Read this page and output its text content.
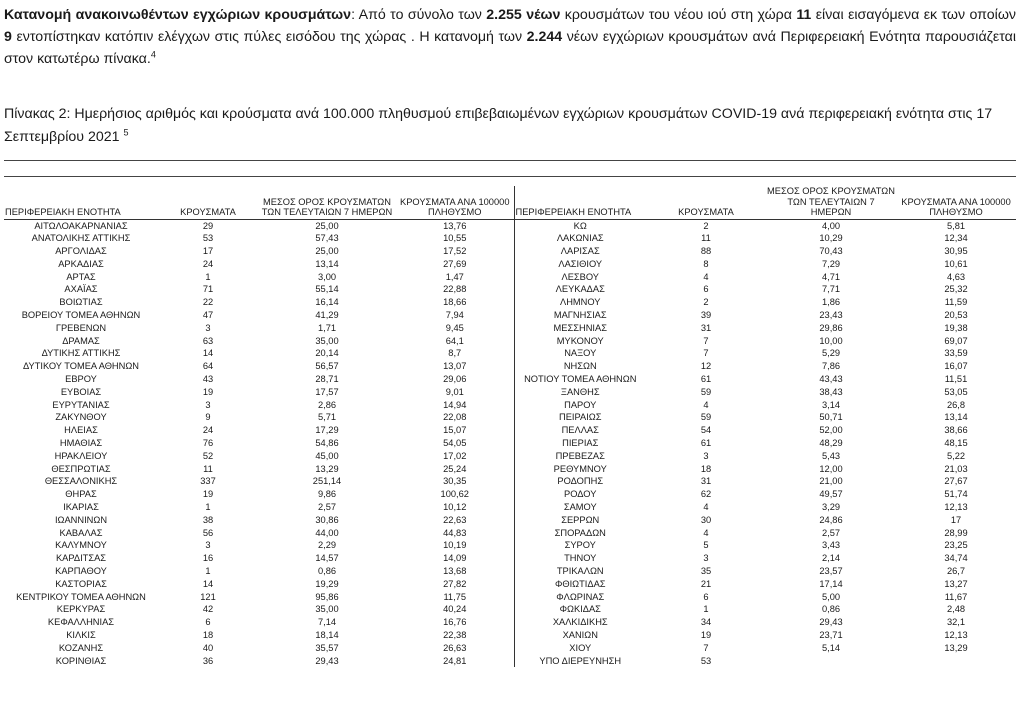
Κατανομή ανακοινωθέντων εγχώριων κρουσμάτων: Από το σύνολο των 2.255 νέων κρουσμάτων του νέου ιού στη χώρα 11 είναι εισαγόμενα εκ των οποίων 9 εντοπίστηκαν κατόπιν ελέγχων στις πύλες εισόδου της χώρας . Η κατανομή των 2.244 νέων εγχώριων κρουσμάτων ανά Περιφερειακή Ενότητα παρουσιάζεται στον κατωτέρω πίνακα.$^4$
Πίνακας 2: Ημερήσιος αριθμός και κρούσματα ανά 100.000 πληθυσμού επιβεβαιωμένων εγχώριων κρουσμάτων COVID-19 ανά περιφερειακή ενότητα στις 17 Σεπτεμβρίου 2021 $^5$
ΠΕΡΙΦΕΡΕΙΑΚΗ ΕΝΟΤΗΤΑ	ΚΡΟΥΣΜΑΤΑ	ΜΕΣΟΣ ΟΡΟΣ ΚΡΟΥΣΜΑΤΩΝ ΤΩΝ ΤΕΛΕΥΤΑΙΩΝ 7 ΗΜΕΡΩΝ	ΚΡΟΥΣΜΑΤΑ ΑΝΑ 100000 ΠΛΗΘΥΣΜΟ	ΠΕΡΙΦΕΡΕΙΑΚΗ ΕΝΟΤΗΤΑ	ΚΡΟΥΣΜΑΤΑ	ΜΕΣΟΣ ΟΡΟΣ ΚΡΟΥΣΜΑΤΩΝ ΤΩΝ ΤΕΛΕΥΤΑΙΩΝ 7 ΗΜΕΡΩΝ	ΚΡΟΥΣΜΑΤΑ ΑΝΑ 100000 ΠΛΗΘΥΣΜΟ
ΑΙΤΩΛΟΑΚΑΡΝΑΝΙΑΣ	29	25,00	13,76	ΚΩ	2	4,00	5,81
ΑΝΑΤΟΛΙΚΗΣ ΑΤΤΙΚΗΣ	53	57,43	10,55	ΛΑΚΩΝΙΑΣ	11	10,29	12,34
ΑΡΓΟΛΙΔΑΣ	17	25,00	17,52	ΛΑΡΙΣΑΣ	88	70,43	30,95
ΑΡΚΑΔΙΑΣ	24	13,14	27,69	ΛΑΣΙΘΙΟΥ	8	7,29	10,61
ΑΡΤΑΣ	1	3,00	1,47	ΛΕΣΒΟΥ	4	4,71	4,63
ΑΧΑΪΑΣ	71	55,14	22,88	ΛΕΥΚΑΔΑΣ	6	7,71	25,32
ΒΟΙΩΤΙΑΣ	22	16,14	18,66	ΛΗΜΝΟΥ	2	1,86	11,59
ΒΟΡΕΙΟΥ ΤΟΜΕΑ ΑΘΗΝΩΝ	47	41,29	7,94	ΜΑΓΝΗΣΙΑΣ	39	23,43	20,53
ΓΡΕΒΕΝΩΝ	3	1,71	9,45	ΜΕΣΣΗΝΙΑΣ	31	29,86	19,38
ΔΡΑΜΑΣ	63	35,00	64,1	ΜΥΚΟΝΟΥ	7	10,00	69,07
ΔΥΤΙΚΗΣ ΑΤΤΙΚΗΣ	14	20,14	8,7	ΝΑΞΟΥ	7	5,29	33,59
ΔΥΤΙΚΟΥ ΤΟΜΕΑ ΑΘΗΝΩΝ	64	56,57	13,07	ΝΗΣΩΝ	12	7,86	16,07
ΕΒΡΟΥ	43	28,71	29,06	ΝΟΤΙΟΥ ΤΟΜΕΑ ΑΘΗΝΩΝ	61	43,43	11,51
ΕΥΒΟΙΑΣ	19	17,57	9,01	ΞΑΝΘΗΣ	59	38,43	53,05
ΕΥΡΥΤΑΝΙΑΣ	3	2,86	14,94	ΠΑΡΟΥ	4	3,14	26,8
ΖΑΚΥΝΘΟΥ	9	5,71	22,08	ΠΕΙΡΑΙΩΣ	59	50,71	13,14
ΗΛΕΙΑΣ	24	17,29	15,07	ΠΕΛΛΑΣ	54	52,00	38,66
ΗΜΑΘΙΑΣ	76	54,86	54,05	ΠΙΕΡΙΑΣ	61	48,29	48,15
ΗΡΑΚΛΕΙΟΥ	52	45,00	17,02	ΠΡΕΒΕΖΑΣ	3	5,43	5,22
ΘΕΣΠΡΩΤΙΑΣ	11	13,29	25,24	ΡΕΘΥΜΝΟΥ	18	12,00	21,03
ΘΕΣΣΑΛΟΝΙΚΗΣ	337	251,14	30,35	ΡΟΔΟΠΗΣ	31	21,00	27,67
ΘΗΡΑΣ	19	9,86	100,62	ΡΟΔΟΥ	62	49,57	51,74
ΙΚΑΡΙΑΣ	1	2,57	10,12	ΣΑΜΟΥ	4	3,29	12,13
ΙΩΑΝΝΙΝΩΝ	38	30,86	22,63	ΣΕΡΡΩΝ	30	24,86	17
ΚΑΒΑΛΑΣ	56	44,00	44,83	ΣΠΟΡΑΔΩΝ	4	2,57	28,99
ΚΑΛΥΜΝΟΥ	3	2,29	10,19	ΣΥΡΟΥ	5	3,43	23,25
ΚΑΡΔΙΤΣΑΣ	16	14,57	14,09	ΤΗΝΟΥ	3	2,14	34,74
ΚΑΡΠΑΘΟΥ	1	0,86	13,68	ΤΡΙΚΑΛΩΝ	35	23,57	26,7
ΚΑΣΤΟΡΙΑΣ	14	19,29	27,82	ΦΘΙΩΤΙΔΑΣ	21	17,14	13,27
ΚΕΝΤΡΙΚΟΥ ΤΟΜΕΑ ΑΘΗΝΩΝ	121	95,86	11,75	ΦΛΩΡΙΝΑΣ	6	5,00	11,67
ΚΕΡΚΥΡΑΣ	42	35,00	40,24	ΦΩΚΙΔΑΣ	1	0,86	2,48
ΚΕΦΑΛΛΗΝΙΑΣ	6	7,14	16,76	ΧΑΛΚΙΔΙΚΗΣ	34	29,43	32,1
ΚΙΛΚΙΣ	18	18,14	22,38	ΧΑΝΙΩΝ	19	23,71	12,13
ΚΟΖΑΝΗΣ	40	35,57	26,63	ΧΙΟΥ	7	5,14	13,29
ΚΟΡΙΝΘΙΑΣ	36	29,43	24,81	ΥΠΟ ΔΙΕΡΕΥΝΗΣΗ	53		
